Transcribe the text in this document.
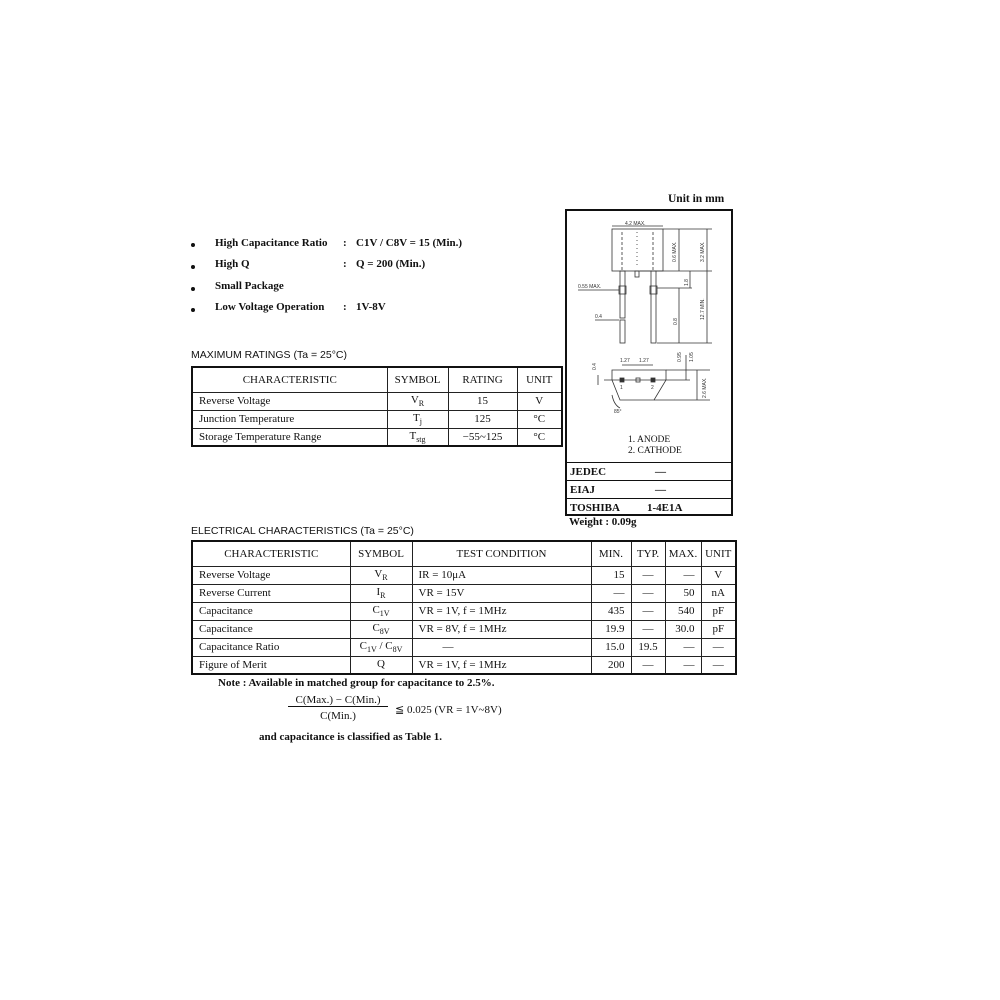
High Capacitance Ratio : C1V / C8V = 15 (Min.)
High Q	: Q = 200 (Min.)
Small Package
Low Voltage Operation : 1V-8V
MAXIMUM RATINGS (Ta = 25°C)
CHARACTERISTIC	SYMBOL	RATING	UNIT
Reverse Voltage	$V_R$	15	V
Junction Temperature	$T_j$	125	°C
Storage Temperature Range	$T_{stg}$	−55~125	°C
Unit in mm
4.2 MAX.
0.6 MAX.	3.2 MAX.
1.8
0.55 MAX.
0.8
12.7 MIN.
0.4
0.4
1.27 1.27	0.95 1.05
2.6 MAX.
1	2
85°
1. ANODE
2. CATHODE
JEDEC	—
EIAJ	—
TOSHIBA 1-4E1A
Weight : 0.09g
ELECTRICAL CHARACTERISTICS (Ta = 25°C)
CHARACTERISTIC	SYMBOL	TEST CONDITION	MIN.	TYP.	MAX.	UNIT
Reverse Voltage	$V_R$	IR = 10μA	15	—	—	V
Reverse Current	$I_R$	VR = 15V	—	—	50	nA
Capacitance	$C_{1V}$	VR = 1V, f = 1MHz	435	—	540	pF
Capacitance	$C_{8V}$	VR = 8V, f = 1MHz	19.9	—	30.0	pF
Capacitance Ratio	$C_{1V} / C_{8V}$	—	15.0	19.5	—	—
Figure of Merit	Q	VR = 1V, f = 1MHz	200	—	—	—
Note : Available in matched group for capacitance to 2.5%.
C(Max.) − C(Min.)
C(Min.)	≦ 0.025 (VR = 1V~8V)
and capacitance is classified as Table 1.
